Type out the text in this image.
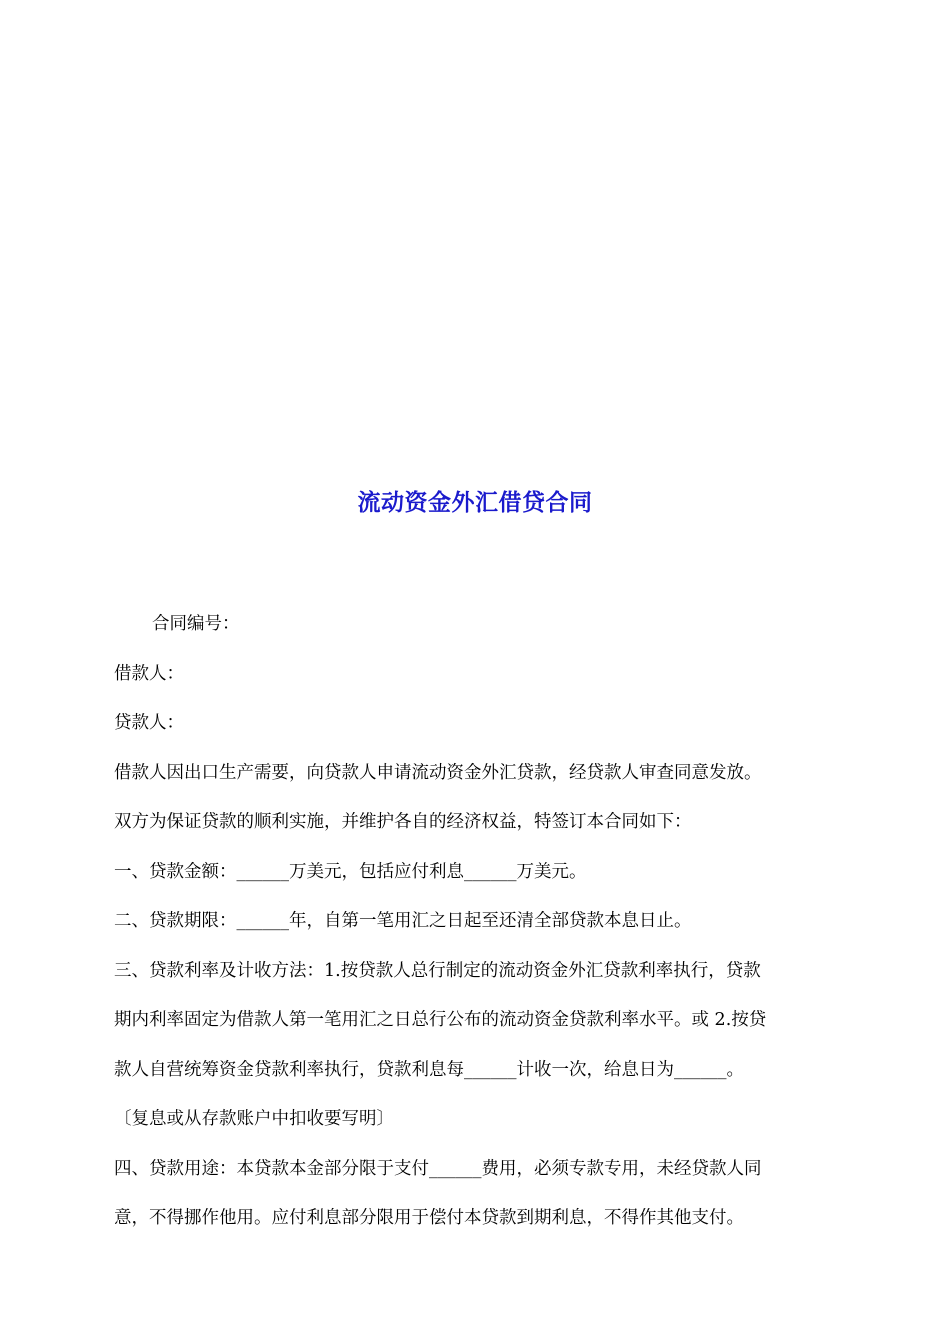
流动资金外汇借贷合同
合同编号：
借款人：
贷款人：
借款人因出口生产需要，向贷款人申请流动资金外汇贷款，经贷款人审查同意发放。
双方为保证贷款的顺利实施，并维护各自的经济权益，特签订本合同如下：
一、贷款金额：______万美元，包括应付利息______万美元。
二、贷款期限：______年，自第一笔用汇之日起至还清全部贷款本息日止。
三、贷款利率及计收方法：1.按贷款人总行制定的流动资金外汇贷款利率执行，贷款
期内利率固定为借款人第一笔用汇之日总行公布的流动资金贷款利率水平。或 2.按贷
款人自营统筹资金贷款利率执行，贷款利息每______计收一次，给息日为______。
〔复息或从存款账户中扣收要写明〕
四、贷款用途：本贷款本金部分限于支付______费用，必须专款专用，未经贷款人同
意，不得挪作他用。应付利息部分限用于偿付本贷款到期利息，不得作其他支付。
